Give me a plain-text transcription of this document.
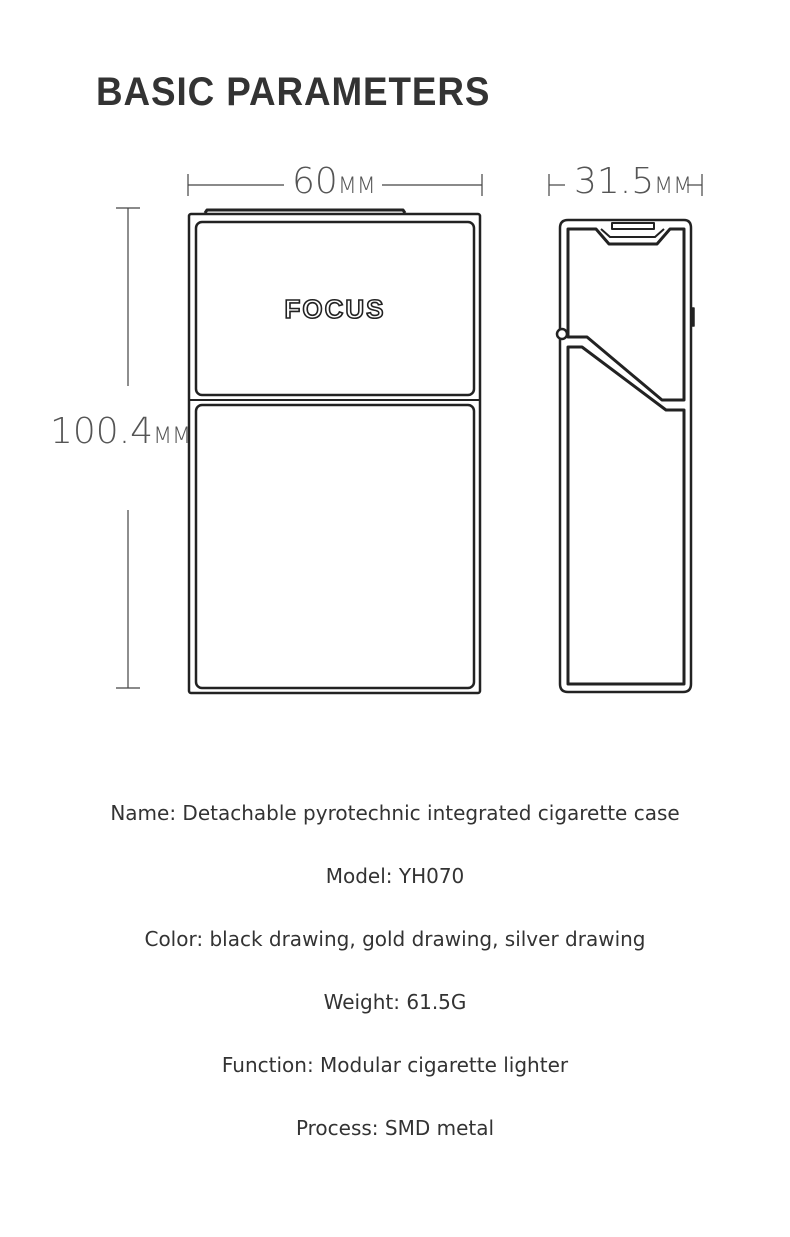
BASIC PARAMETERS
60MM	31.5MM
100.4MM
FOCUS
Name: Detachable pyrotechnic integrated cigarette case
Model: YH070
Color: black drawing, gold drawing, silver drawing
Weight: 61.5G
Function: Modular cigarette lighter
Process: SMD metal
